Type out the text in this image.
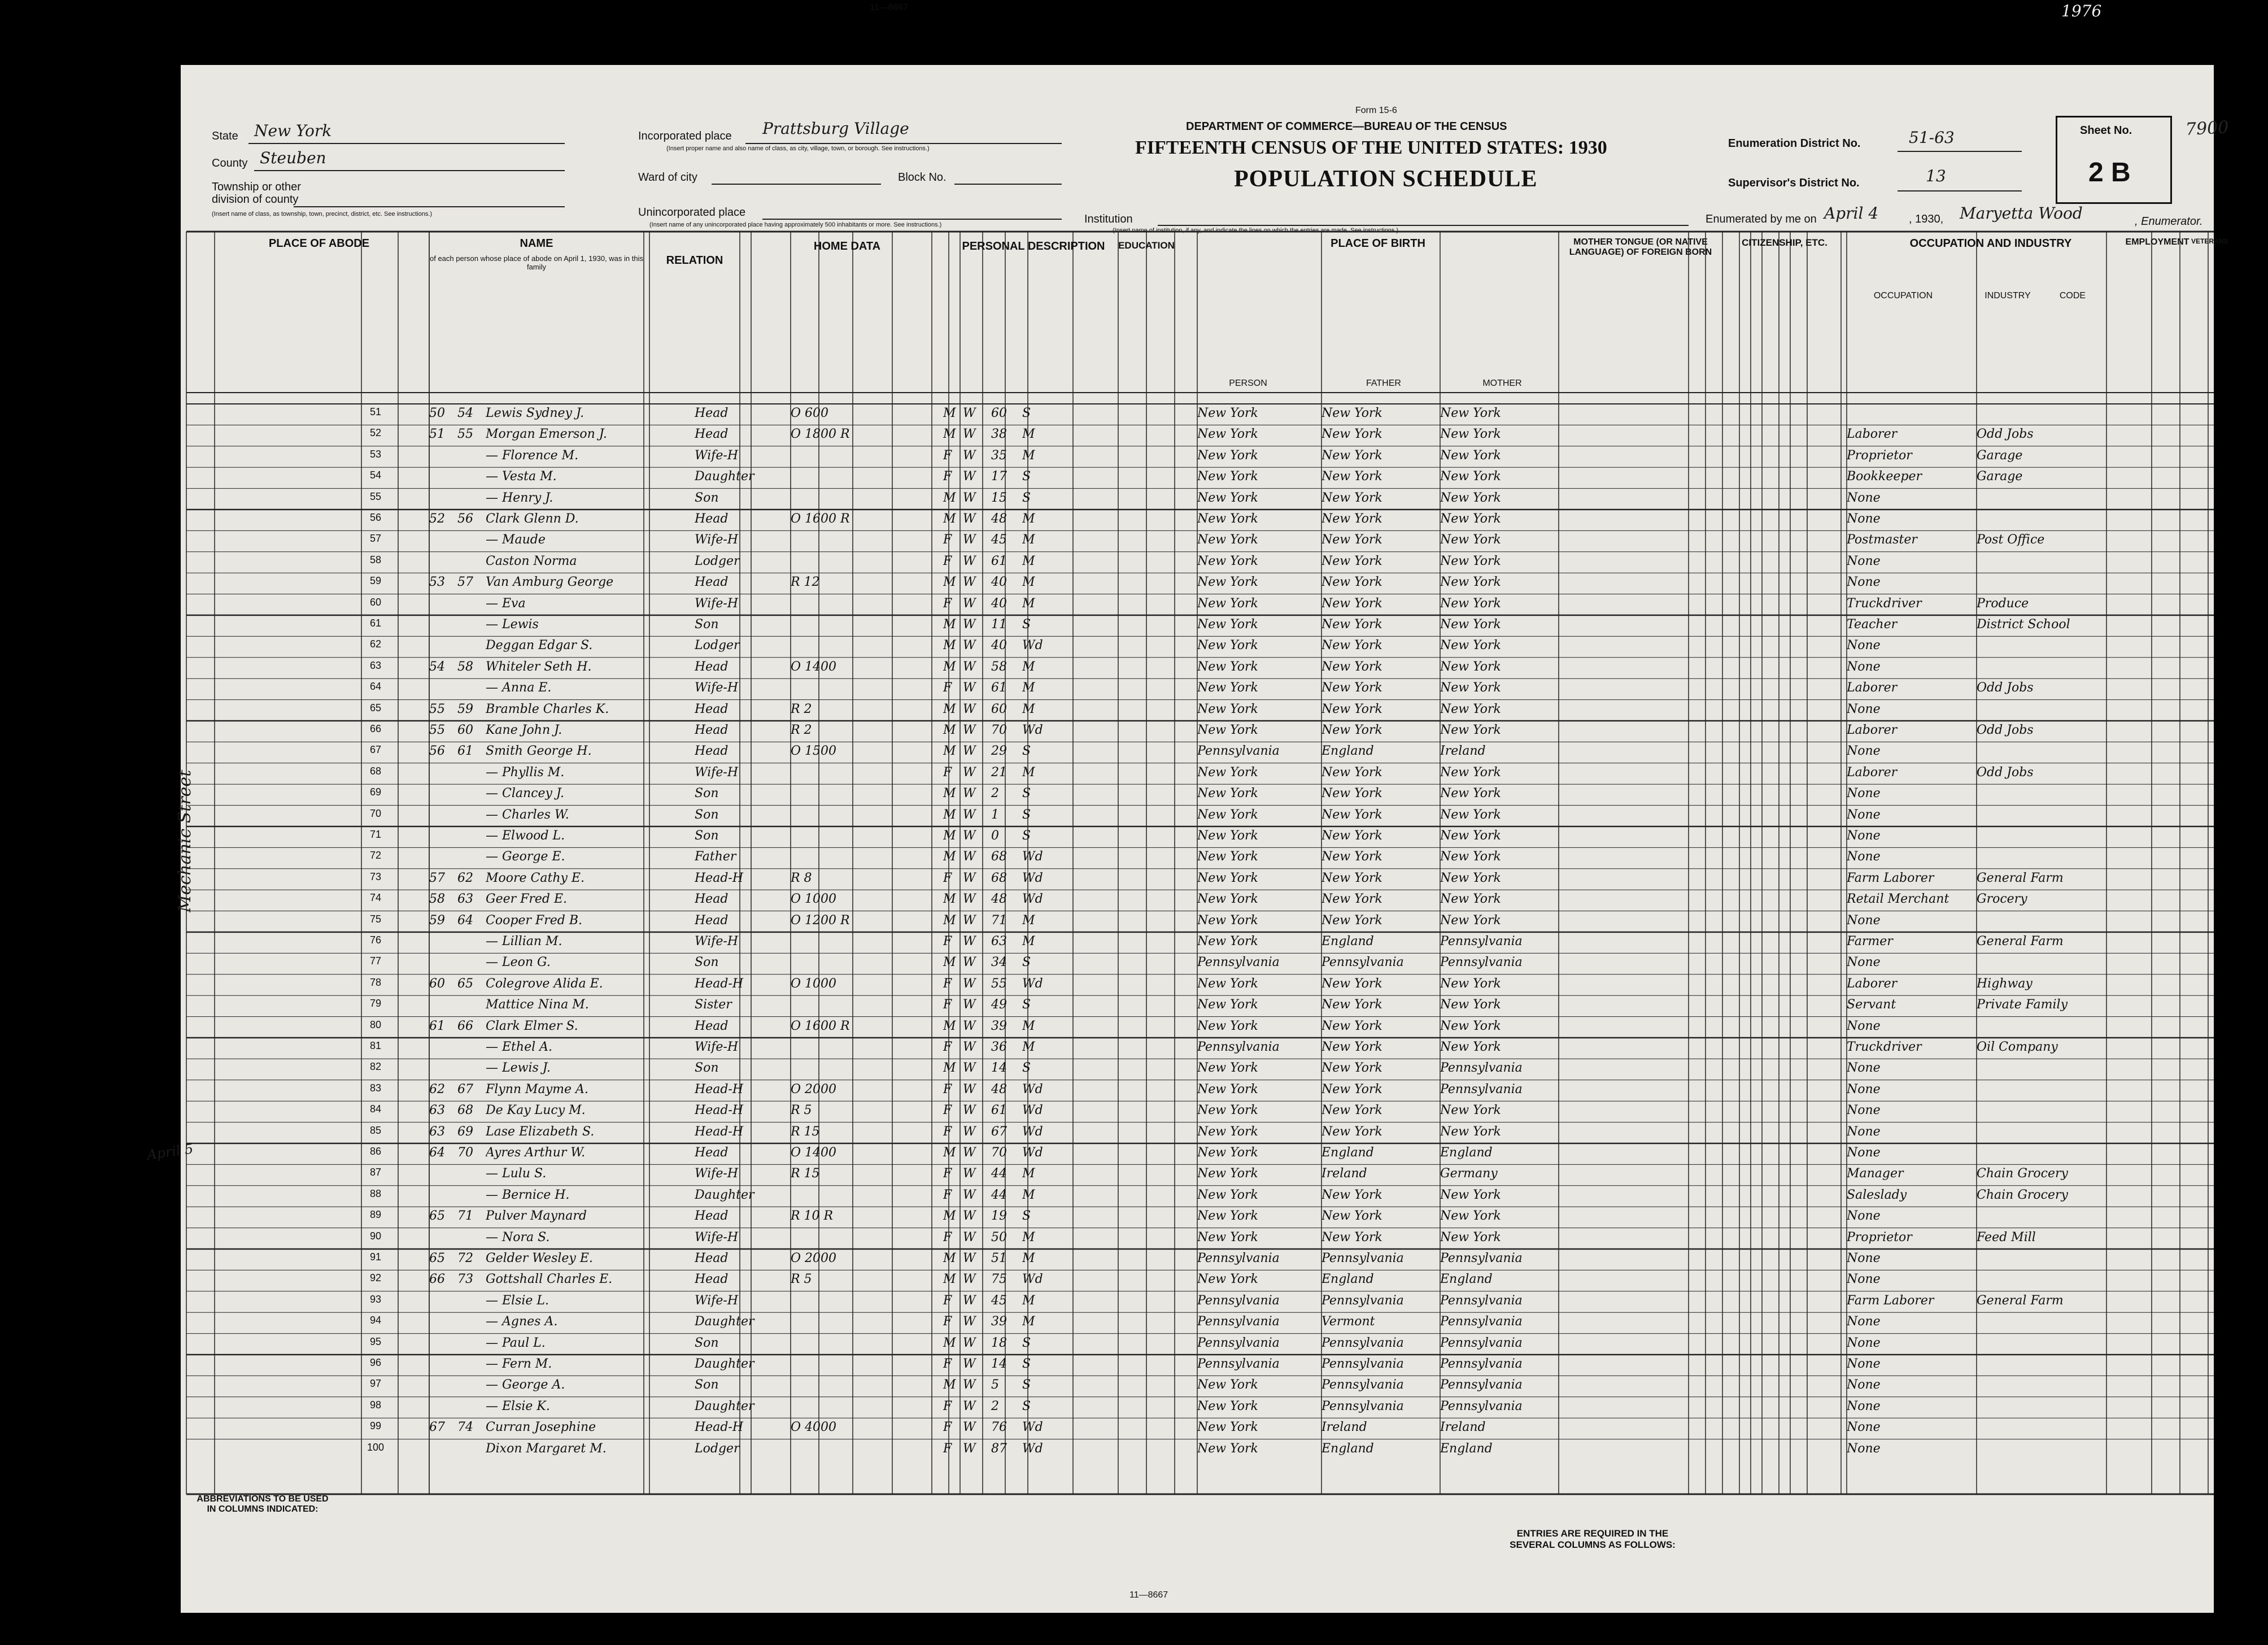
11—8667	1976
7900
Form 15-6
DEPARTMENT OF COMMERCE—BUREAU OF THE CENSUS
FIFTEENTH CENSUS OF THE UNITED STATES: 1930
POPULATION SCHEDULE
State New York
County Steuben
Township or other division of county
(Insert name of class, as township, town, precinct, district, etc. See instructions.)
Incorporated place Prattsburg Village
(Insert proper name and also name of class, as city, village, town, or borough. See instructions.)
Ward of city	Block No.
Unincorporated place
(Insert name of any unincorporated place having approximately 500 inhabitants or more. See instructions.)	Institution
(Insert name of institution, if any, and indicate the lines on which the entries are made. See instructions.)
Enumeration District No.	51-63
Supervisor's District No.	13
Sheet No.
2 B
Enumerated by me on April 4	, 1930, Maryetta Wood	, Enumerator.
PLACE OF ABODE	NAME
RELATION
HOME DATA	PERSONAL DESCRIPTION	EDUCATION	PLACE OF BIRTH	MOTHER TONGUE (OR NATIVE LANGUAGE) OF FOREIGN BORN
CITIZENSHIP, ETC.	OCCUPATION AND INDUSTRY	EMPLOYMENT VETERANS
of each person whose place of abode on April 1, 1930, was in this family
PERSON	FATHER	MOTHER
OCCUPATION	INDUSTRY	CODE
51	50	54	Lewis Sydney J.	Head	O 600	M W	60	S	New York	New York	New York
52	51	55	Morgan Emerson J.	Head	O 1800 R	M W	38	M	New York	New York	New York	Laborer	Odd Jobs
53	— Florence M.	Wife-H	F W	35	M	New York	New York	New York	Proprietor	Garage
54	— Vesta M.	Daughter	F W	17	S	New York	New York	New York	Bookkeeper	Garage
55	— Henry J.	Son	M W	15	S	New York	New York	New York	None
56	52	56	Clark Glenn D.	Head	O 1600 R	M W	48	M	New York	New York	New York	None
57	— Maude	Wife-H	F W	45	M	New York	New York	New York	Postmaster	Post Office
58	Caston Norma	Lodger	F W	61	M	New York	New York	New York	None
59	53	57	Van Amburg George	Head	R 12	M W	40	M	New York	New York	New York	None
60	— Eva	Wife-H	F W	40	M	New York	New York	New York	Truckdriver	Produce
61	— Lewis	Son	M W	11	S	New York	New York	New York	Teacher	District School
62	Deggan Edgar S.	Lodger	M W	40	Wd	New York	New York	New York	None
63	54	58	Whiteler Seth H.	Head	O 1400	M W	58	M	New York	New York	New York	None
64	— Anna E.	Wife-H	F W	61	M	New York	New York	New York	Laborer	Odd Jobs
65	55	59	Bramble Charles K.	Head	R 2	M W	60	M	New York	New York	New York	None
66	55	60	Kane John J.	Head	R 2	M W	70	Wd	New York	New York	New York	Laborer	Odd Jobs
67	56	61	Smith George H.	Head	O 1500	M W	29	S	Pennsylvania	England	Ireland	None
68	— Phyllis M.	Wife-H	F W	21	M	New York	New York	New York	Laborer	Odd Jobs
69	— Clancey J.	Son	M W	2	S	New York	New York	New York	None
70	— Charles W.	Son	M W	1	S	New York	New York	New York	None
71	— Elwood L.	Son	M W	0	S	New York	New York	New York	None
72	— George E.	Father	M W	68	Wd	New York	New York	New York	None
73	57	62	Moore Cathy E.	Head-H	R 8	F W	68	Wd	New York	New York	New York	Farm Laborer	General Farm
74	58	63	Geer Fred E.	Head	O 1000	M W	48	Wd	New York	New York	New York	Retail Merchant	Grocery
75	59	64	Cooper Fred B.	Head	O 1200 R	M W	71	M	New York	New York	New York	None
76	— Lillian M.	Wife-H	F W	63	M	New York	England	Pennsylvania	Farmer	General Farm
77	— Leon G.	Son	M W	34	S	Pennsylvania	Pennsylvania	Pennsylvania	None
78	60	65	Colegrove Alida E.	Head-H	O 1000	F W	55	Wd	New York	New York	New York	Laborer	Highway
79	Mattice Nina M.	Sister	F W	49	S	New York	New York	New York	Servant	Private Family
80	61	66	Clark Elmer S.	Head	O 1600 R	M W	39	M	New York	New York	New York	None
81	— Ethel A.	Wife-H	F W	36	M	Pennsylvania	New York	New York	Truckdriver	Oil Company
82	— Lewis J.	Son	M W	14	S	New York	New York	Pennsylvania	None
83	62	67	Flynn Mayme A.	Head-H	O 2000	F W	48	Wd	New York	New York	Pennsylvania	None
84	63	68	De Kay Lucy M.	Head-H	R 5	F W	61	Wd	New York	New York	New York	None
85	63	69	Lase Elizabeth S.	Head-H	R 15	F W	67	Wd	New York	New York	New York	None
86	64	70	Ayres Arthur W.	Head	O 1400	M W	70	Wd	New York	England	England	None
87	— Lulu S.	Wife-H	R 15	F W	44	M	New York	Ireland	Germany	Manager	Chain Grocery
88	— Bernice H.	Daughter	F W	44	M	New York	New York	New York	Saleslady	Chain Grocery
89	65	71	Pulver Maynard	Head	R 10 R	M W	19	S	New York	New York	New York	None
90	— Nora S.	Wife-H	F W	50	M	New York	New York	New York	Proprietor	Feed Mill
91	65	72	Gelder Wesley E.	Head	O 2000	M W	51	M	Pennsylvania	Pennsylvania	Pennsylvania	None
92	66	73	Gottshall Charles E.	Head	R 5	M W	75	Wd	New York	England	England	None
93	— Elsie L.	Wife-H	F W	45	M	Pennsylvania	Pennsylvania	Pennsylvania	Farm Laborer	General Farm
94	— Agnes A.	Daughter	F W	39	M	Pennsylvania	Vermont	Pennsylvania	None
95	— Paul L.	Son	M W	18	S	Pennsylvania	Pennsylvania	Pennsylvania	None
96	— Fern M.	Daughter	F W	14	S	Pennsylvania	Pennsylvania	Pennsylvania	None
97	— George A.	Son	M W	5	S	New York	Pennsylvania	Pennsylvania	None
98	— Elsie K.	Daughter	F W	2	S	New York	Pennsylvania	Pennsylvania	None
99	67	74	Curran Josephine	Head-H	O 4000	F W	76	Wd	New York	Ireland	Ireland	None
100	Dixon Margaret M.	Lodger	F W	87	Wd	New York	England	England	None
Mechanic Street
April 5
ABBREVIATIONS TO BE USED IN COLUMNS INDICATED:
ENTRIES ARE REQUIRED IN THE SEVERAL COLUMNS AS FOLLOWS:
11—8667
